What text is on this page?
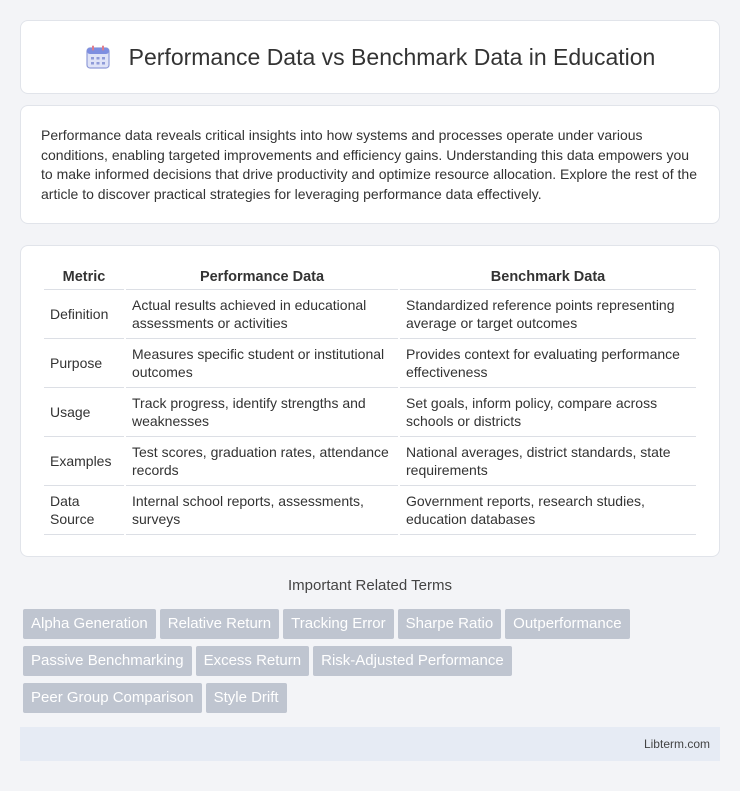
Performance Data vs Benchmark Data in Education

Performance data reveals critical insights into how systems and processes operate under various conditions, enabling targeted improvements and efficiency gains. Understanding this data empowers you to make informed decisions that drive productivity and optimize resource allocation. Explore the rest of the article to discover practical strategies for leveraging performance data effectively.

Metric	Performance Data	Benchmark Data
Definition	Actual results achieved in educational assessments or activities	Standardized reference points representing average or target outcomes
Purpose	Measures specific student or institutional outcomes	Provides context for evaluating performance effectiveness
Usage	Track progress, identify strengths and weaknesses	Set goals, inform policy, compare across schools or districts
Examples	Test scores, graduation rates, attendance records	National averages, district standards, state requirements
Data Source	Internal school reports, assessments, surveys	Government reports, research studies, education databases
Important Related Terms
Alpha Generation Relative Return Tracking Error Sharpe Ratio Outperformance
Passive Benchmarking Excess Return Risk-Adjusted Performance
Peer Group Comparison Style Drift
Libterm.com
